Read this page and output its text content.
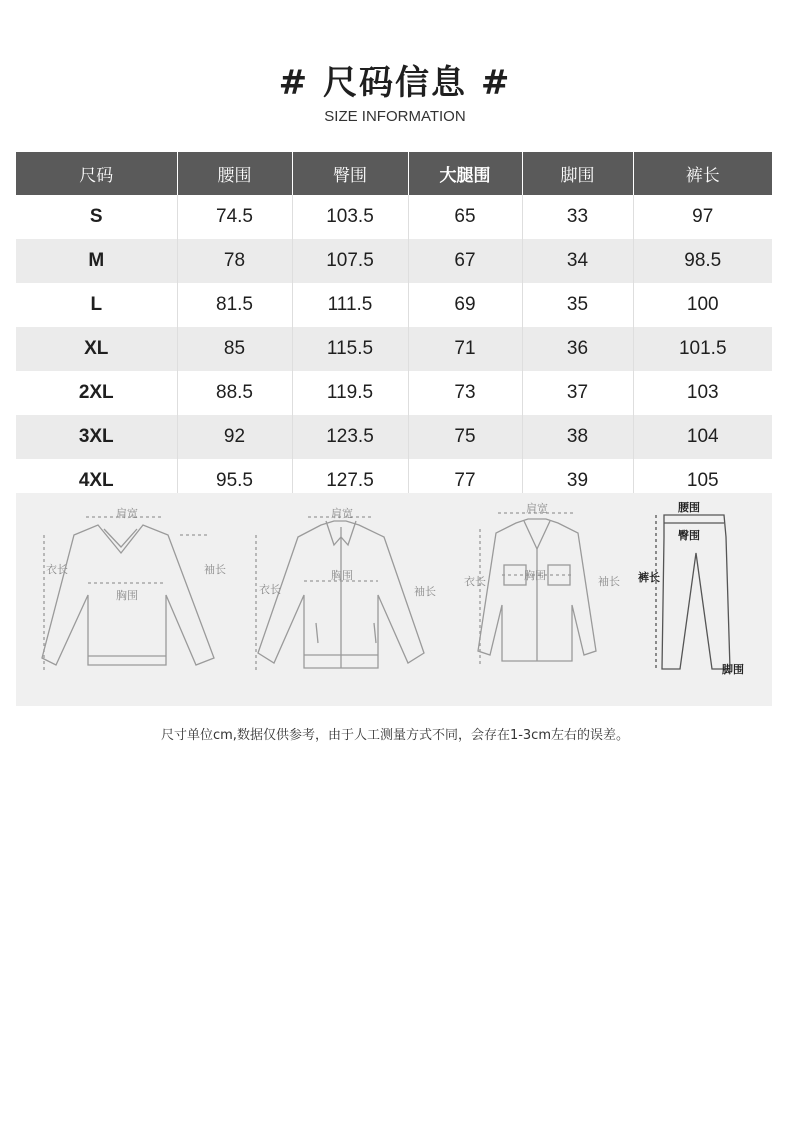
# 尺码信息 #
SIZE INFORMATION
尺码	腰围	臀围	大腿围	脚围	裤长
S	74.5	103.5	65	33	97
M	78	107.5	67	34	98.5
L	81.5	111.5	69	35	100
XL	85	115.5	71	36	101.5
2XL	88.5	119.5	73	37	103
3XL	92	123.5	75	38	104
4XL	95.5	127.5	77	39	105
肩宽
胸围
衣长	袖长
肩宽
胸围
衣长	袖长
肩宽
胸围
衣长	袖长
腰围
臀围
裤长
脚围
尺寸单位cm,数据仅供参考，由于人工测量方式不同，会存在1-3cm左右的误差。
